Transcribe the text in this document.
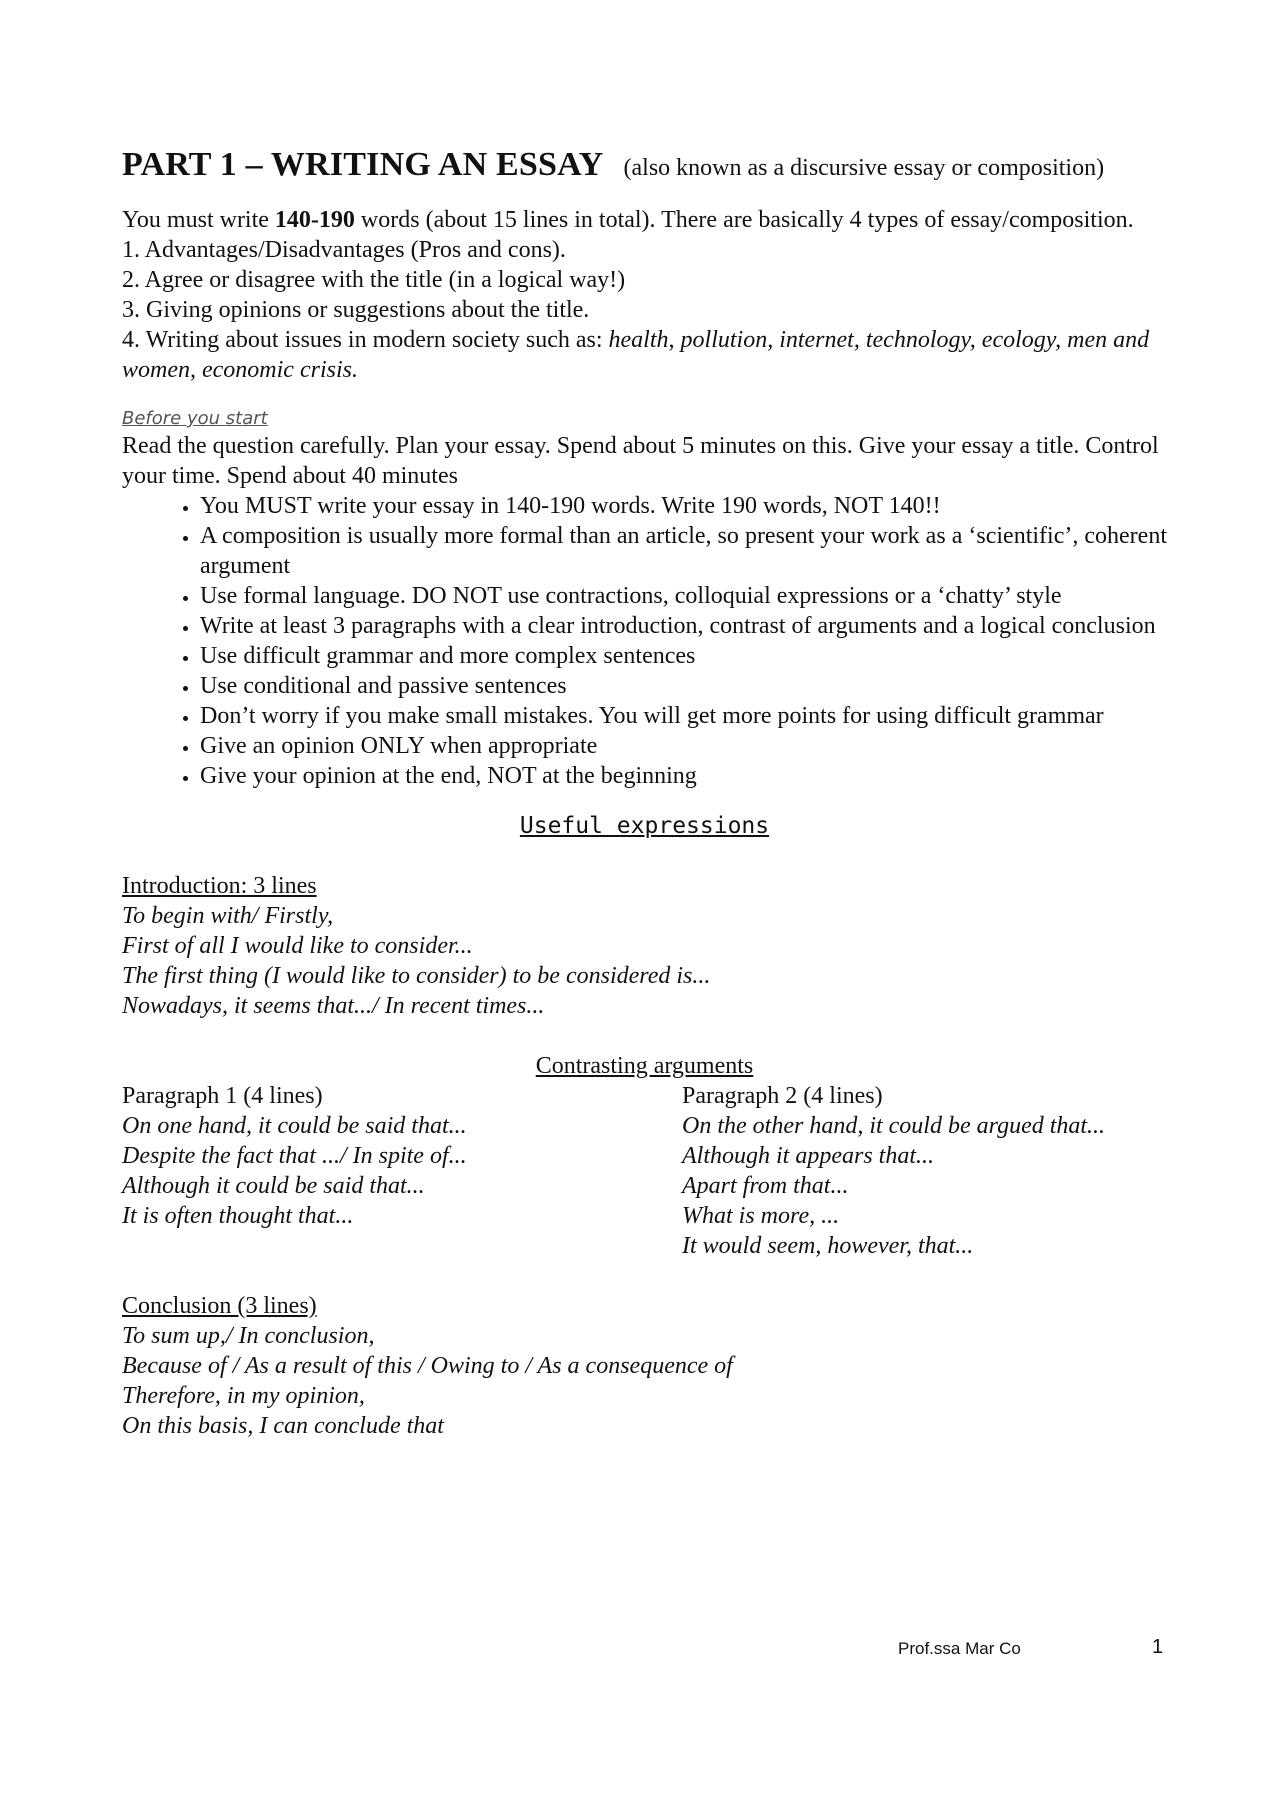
PART 1 – WRITING AN ESSAY (also known as a discursive essay or composition)

You must write 140-190 words (about 15 lines in total). There are basically 4 types of essay/composition.

1. Advantages/Disadvantages (Pros and cons).
2. Agree or disagree with the title (in a logical way!)
3. Giving opinions or suggestions about the title.
4. Writing about issues in modern society such as: health, pollution, internet, technology, ecology, men and women, economic crisis.
Before you start

Read the question carefully. Plan your essay. Spend about 5 minutes on this. Give your essay a title. Control your time. Spend about 40 minutes

• You MUST write your essay in 140-190 words. Write 190 words, NOT 140!!
• A composition is usually more formal than an article, so present your work as a ‘scientific’, coherent argument
• Use formal language. DO NOT use contractions, colloquial expressions or a ‘chatty’ style
• Write at least 3 paragraphs with a clear introduction, contrast of arguments and a logical conclusion
• Use difficult grammar and more complex sentences
• Use conditional and passive sentences
• Don’t worry if you make small mistakes. You will get more points for using difficult grammar
• Give an opinion ONLY when appropriate
• Give your opinion at the end, NOT at the beginning
Useful expressions
Introduction: 3 lines
To begin with/ Firstly,
First of all I would like to consider...
The first thing (I would like to consider) to be considered is...
Nowadays, it seems that.../ In recent times...
Contrasting arguments
Paragraph 1 (4 lines)
On one hand, it could be said that...
Despite the fact that .../ In spite of...
Although it could be said that...
It is often thought that...
Paragraph 2 (4 lines)
On the other hand, it could be argued that...
Although it appears that...
Apart from that...
What is more, ...
It would seem, however, that...
Conclusion (3 lines)
To sum up,/ In conclusion,
Because of / As a result of this / Owing to / As a consequence of
Therefore, in my opinion,
On this basis, I can conclude that
Prof.ssa Mar Co	1
